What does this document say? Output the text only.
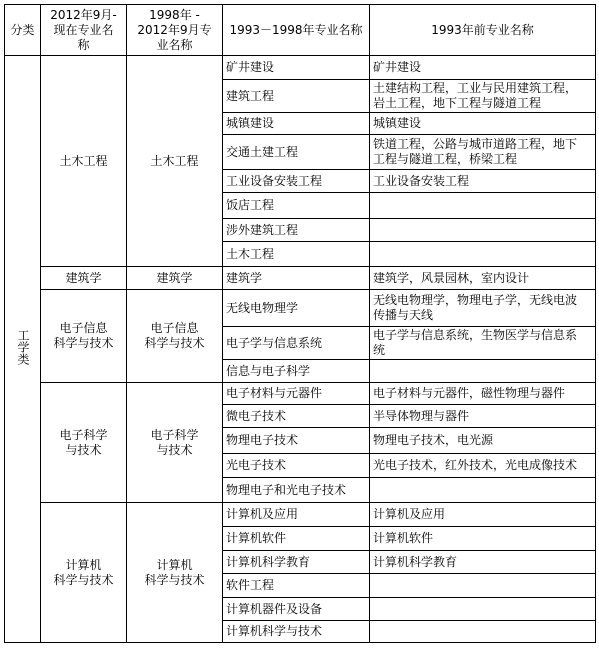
分类	2012年9月-
现在专业名
称	1998年 -
2012年9月专
业名称	1993－1998年专业名称	1993年前专业名称
工学类	土木工程	土木工程	矿井建设	矿井建设

			建筑工程	土建结构工程，工业与民用建筑工程，
岩土工程，地下工程与隧道工程

			城镇建设	城镇建设

			交通土建工程	铁道工程，公路与城市道路工程，地下
工程与隧道工程，桥梁工程

			工业设备安装工程	工业设备安装工程

			饭店工程	

			涉外建筑工程	

			土木工程	

	建筑学	建筑学	建筑学	建筑学，风景园林，室内设计

	电子信息
科学与技术	电子信息
科学与技术	无线电物理学	无线电物理学，物理电子学，无线电波
传播与天线

			电子学与信息系统	电子学与信息系统，生物医学与信息系
统

			信息与电子科学	

	电子科学
与技术	电子科学
与技术	电子材料与元器件	电子材料与元器件，磁性物理与器件

			微电子技术	半导体物理与器件

			物理电子技术	物理电子技术，电光源

			光电子技术	光电子技术，红外技术，光电成像技术

			物理电子和光电子技术	

	计算机
科学与技术	计算机
科学与技术	计算机及应用	计算机及应用

			计算机软件	计算机软件

			计算机科学教育	计算机科学教育

			软件工程	

			计算机器件及设备	

			计算机科学与技术	
